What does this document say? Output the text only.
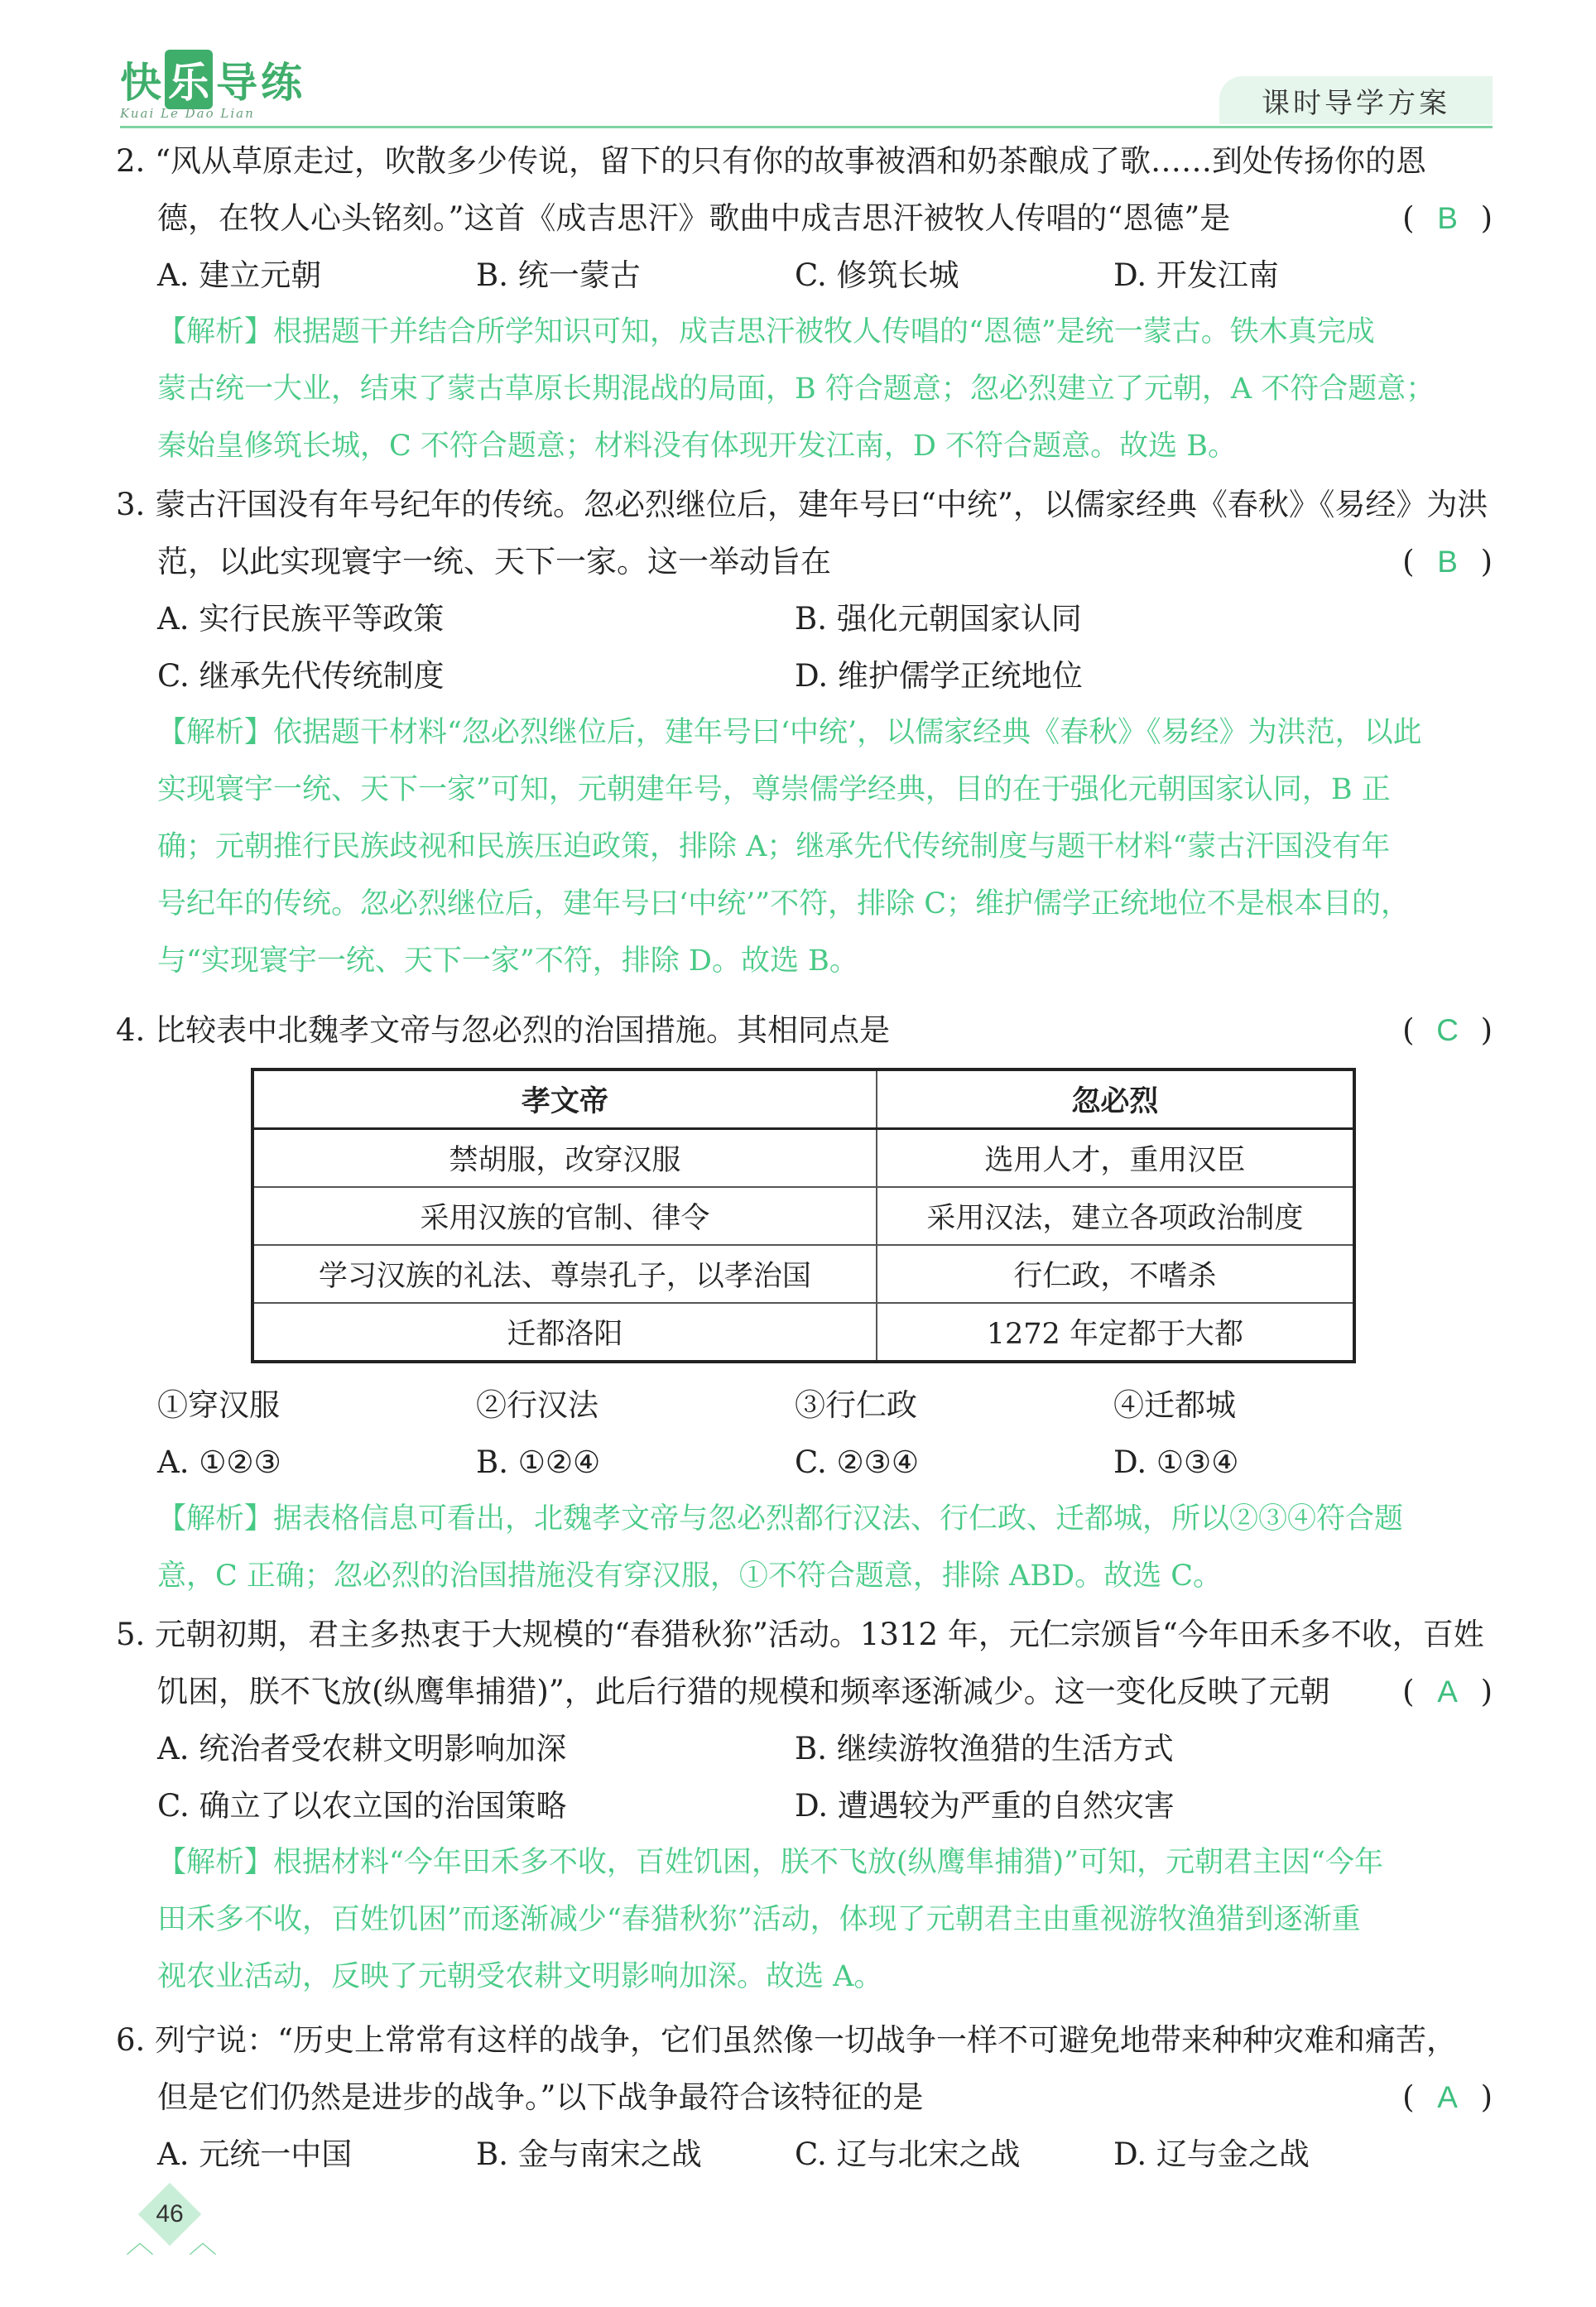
快 乐 导练
Kuai Le Dao Lian	课时导学方案
2. “风从草原走过，吹散多少传说，留下的只有你的故事被酒和奶茶酿成了歌……到处传扬你的恩
德，在牧人心头铭刻。”这首《成吉思汗》歌曲中成吉思汗被牧人传唱的“恩德”是	( B )
A. 建立元朝	B. 统一蒙古	C. 修筑长城	D. 开发江南
【解析】根据题干并结合所学知识可知，成吉思汗被牧人传唱的“恩德”是统一蒙古。铁木真完成
蒙古统一大业，结束了蒙古草原长期混战的局面，B 符合题意；忽必烈建立了元朝，A 不符合题意；
秦始皇修筑长城，C 不符合题意；材料没有体现开发江南，D 不符合题意。故选 B。
3. 蒙古汗国没有年号纪年的传统。忽必烈继位后，建年号曰“中统”，以儒家经典《春秋》《易经》为洪
范，以此实现寰宇一统、天下一家。这一举动旨在	( B )
A. 实行民族平等政策	B. 强化元朝国家认同
C. 继承先代传统制度	D. 维护儒学正统地位
【解析】依据题干材料“忽必烈继位后，建年号曰‘中统’，以儒家经典《春秋》《易经》为洪范，以此
实现寰宇一统、天下一家”可知，元朝建年号，尊崇儒学经典，目的在于强化元朝国家认同，B 正
确；元朝推行民族歧视和民族压迫政策，排除 A；继承先代传统制度与题干材料“蒙古汗国没有年
号纪年的传统。忽必烈继位后，建年号曰‘中统’”不符，排除 C；维护儒学正统地位不是根本目的，
与“实现寰宇一统、天下一家”不符，排除 D。故选 B。
4. 比较表中北魏孝文帝与忽必烈的治国措施。其相同点是	( C )
孝文帝	忽必烈
禁胡服，改穿汉服	选用人才，重用汉臣
采用汉族的官制、律令	采用汉法，建立各项政治制度
学习汉族的礼法、尊崇孔子，以孝治国	行仁政，不嗜杀
迁都洛阳	1272 年定都于大都
①穿汉服	②行汉法	③行仁政	④迁都城
A. ①②③	B. ①②④	C. ②③④	D. ①③④
【解析】据表格信息可看出，北魏孝文帝与忽必烈都行汉法、行仁政、迁都城，所以②③④符合题
意，C 正确；忽必烈的治国措施没有穿汉服，①不符合题意，排除 ABD。故选 C。
5. 元朝初期，君主多热衷于大规模的“春猎秋狝”活动。1312 年，元仁宗颁旨“今年田禾多不收，百姓
饥困，朕不飞放(纵鹰隼捕猎)”，此后行猎的规模和频率逐渐减少。这一变化反映了元朝 ( A )
A. 统治者受农耕文明影响加深	B. 继续游牧渔猎的生活方式
C. 确立了以农立国的治国策略	D. 遭遇较为严重的自然灾害
【解析】根据材料“今年田禾多不收，百姓饥困，朕不飞放(纵鹰隼捕猎)”可知，元朝君主因“今年
田禾多不收，百姓饥困”而逐渐减少“春猎秋狝”活动，体现了元朝君主由重视游牧渔猎到逐渐重
视农业活动，反映了元朝受农耕文明影响加深。故选 A。
6. 列宁说：“历史上常常有这样的战争，它们虽然像一切战争一样不可避免地带来种种灾难和痛苦，
但是它们仍然是进步的战争。”以下战争最符合该特征的是	( A )
A. 元统一中国	B. 金与南宋之战	C. 辽与北宋之战	D. 辽与金之战
46
︿ ︿
